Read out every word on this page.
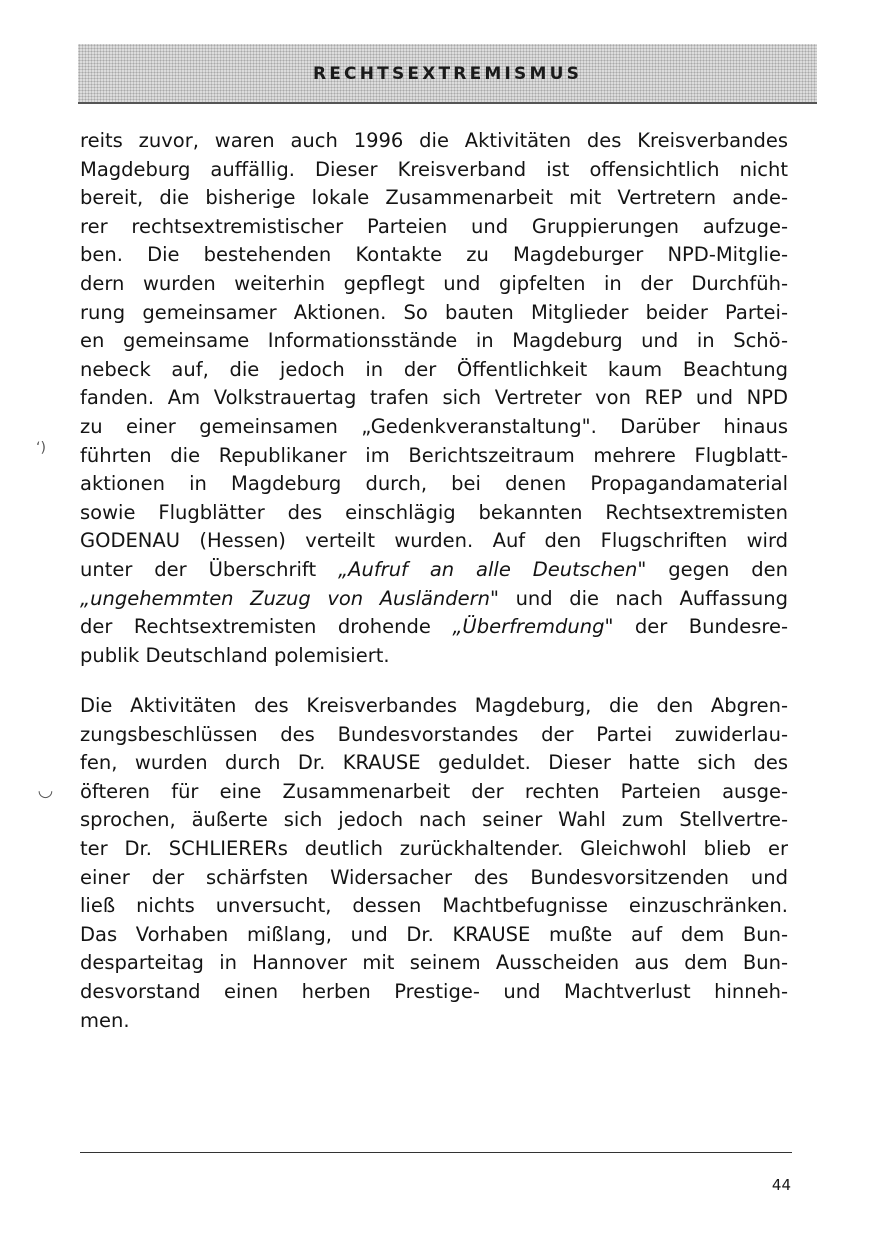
RECHTSEXTREMISMUS
reits zuvor, waren auch 1996 die Aktivitäten des Kreisverbandes
Magdeburg auffällig. Dieser Kreisverband ist offensichtlich nicht
bereit, die bisherige lokale Zusammenarbeit mit Vertretern ande-
rer rechtsextremistischer Parteien und Gruppierungen aufzuge-
ben. Die bestehenden Kontakte zu Magdeburger NPD-Mitglie-
dern wurden weiterhin gepflegt und gipfelten in der Durchfüh-
rung gemeinsamer Aktionen. So bauten Mitglieder beider Partei-
en gemeinsame Informationsstände in Magdeburg und in Schö-
nebeck auf, die jedoch in der Öffentlichkeit kaum Beachtung
fanden. Am Volkstrauertag trafen sich Vertreter von REP und NPD
zu einer gemeinsamen „Gedenkveranstaltung". Darüber hinaus
führten die Republikaner im Berichtszeitraum mehrere Flugblatt-
aktionen in Magdeburg durch, bei denen Propagandamaterial
sowie Flugblätter des einschlägig bekannten Rechtsextremisten
GODENAU (Hessen) verteilt wurden. Auf den Flugschriften wird
unter der Überschrift „Aufruf an alle Deutschen" gegen den
„ungehemmten Zuzug von Ausländern" und die nach Auffassung
der Rechtsextremisten drohende „Überfremdung" der Bundesre-
publik Deutschland polemisiert.
Die Aktivitäten des Kreisverbandes Magdeburg, die den Abgren-
zungsbeschlüssen des Bundesvorstandes der Partei zuwiderlau-
fen, wurden durch Dr. KRAUSE geduldet. Dieser hatte sich des
öfteren für eine Zusammenarbeit der rechten Parteien ausge-
sprochen, äußerte sich jedoch nach seiner Wahl zum Stellvertre-
ter Dr. SCHLIERERs deutlich zurückhaltender. Gleichwohl blieb er
einer der schärfsten Widersacher des Bundesvorsitzenden und
ließ nichts unversucht, dessen Machtbefugnisse einzuschränken.
Das Vorhaben mißlang, und Dr. KRAUSE mußte auf dem Bun-
desparteitag in Hannover mit seinem Ausscheiden aus dem Bun-
desvorstand einen herben Prestige- und Machtverlust hinneh-
men.
‘)
 ◡
44
